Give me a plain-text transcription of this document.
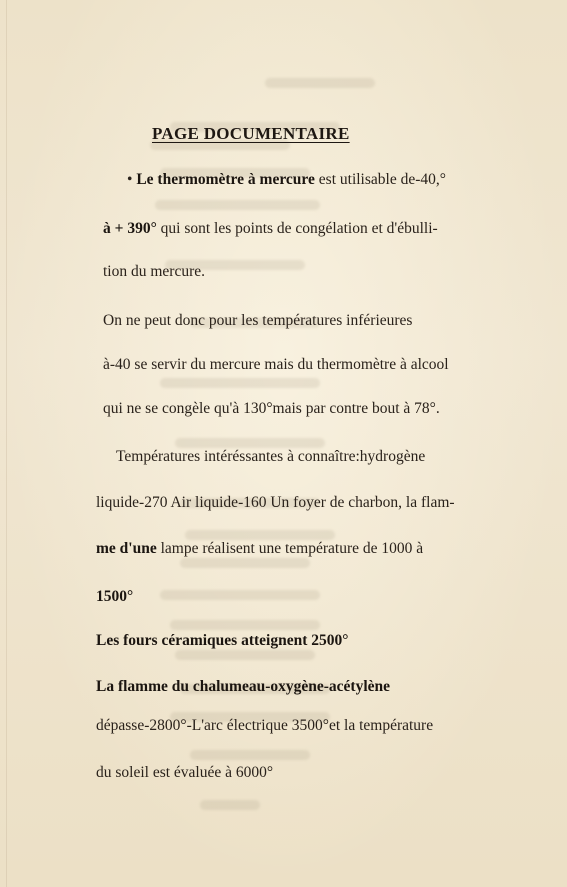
PAGE DOCUMENTAIRE
• Le thermomètre à mercure est utilisable de-40,°
à + 390° qui sont les points de congélation et d'ébulli-
tion du mercure.
On ne peut donc pour les températures inférieures
à-40 se servir du mercure mais du thermomètre à alcool
qui ne se congèle qu'à 130°mais par contre bout à 78°.
Températures intéréssantes à connaître:hydrogène
liquide-270 Air liquide-160 Un foyer de charbon, la flam-
me d'une lampe réalisent une température de 1000 à
1500°
Les fours céramiques atteignent 2500°
La flamme du chalumeau-oxygène-acétylène
dépasse-2800°-L'arc électrique 3500°et la température
du soleil est évaluée à 6000°
